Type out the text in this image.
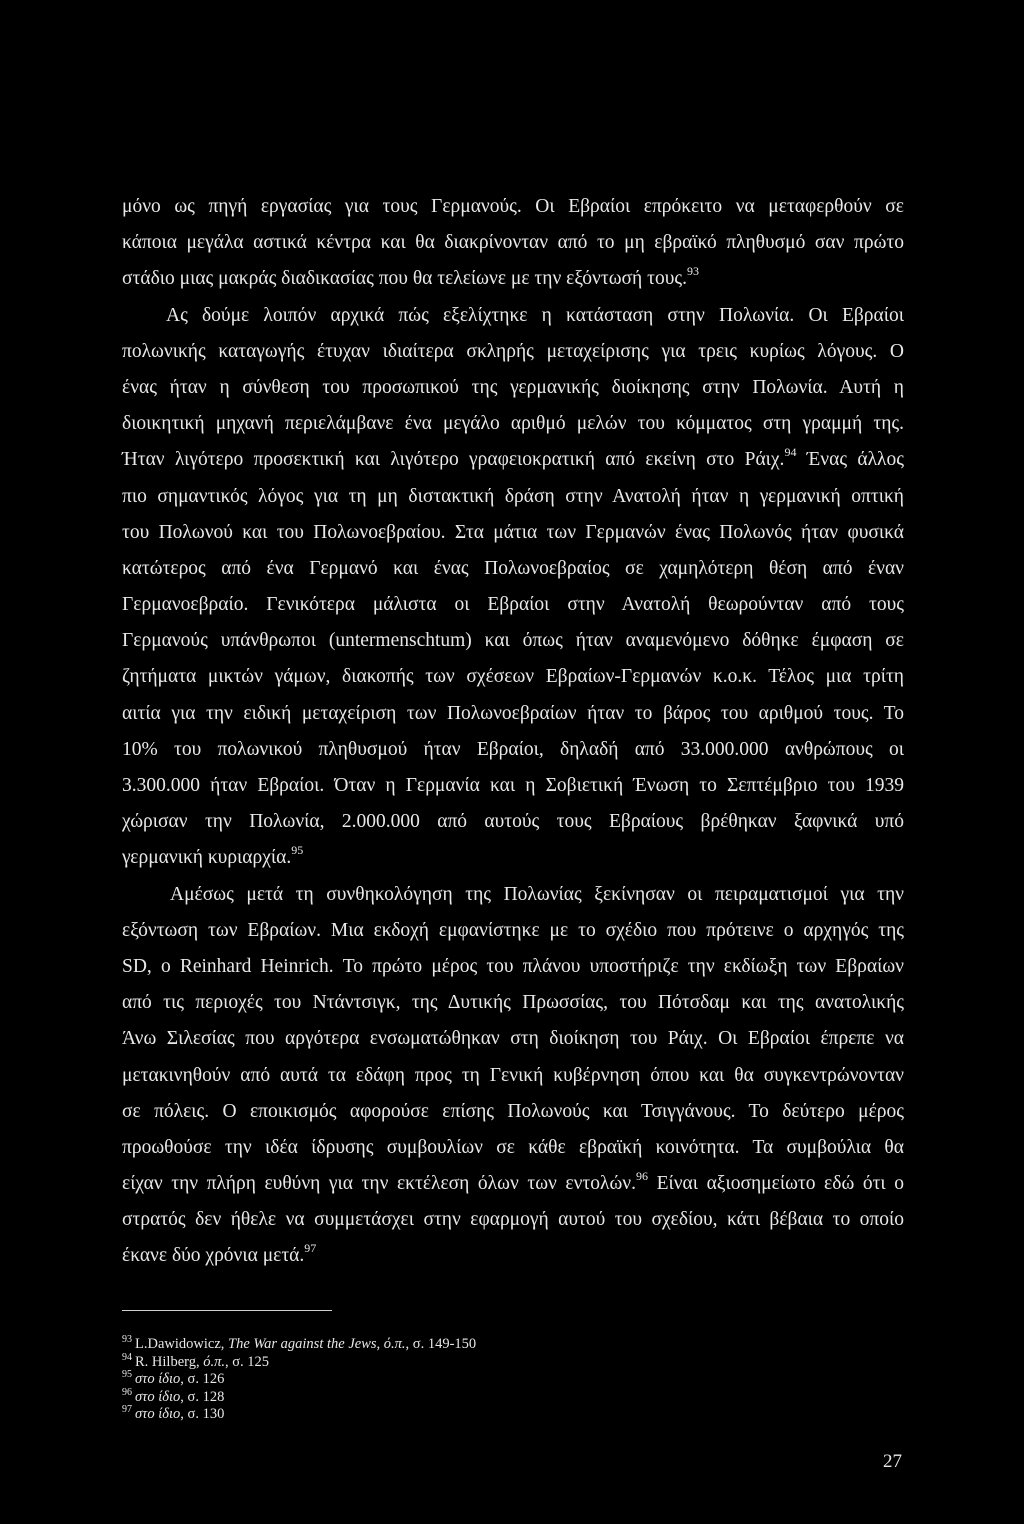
μόνο ως πηγή εργασίας για τους Γερμανούς. Οι Εβραίοι επρόκειτο να μεταφερθούν σε
κάποια μεγάλα αστικά κέντρα και θα διακρίνονταν από το μη εβραϊκό πληθυσμό σαν πρώτο
στάδιο μιας μακράς διαδικασίας που θα τελείωνε με την εξόντωσή τους.$^{93}$
Ας δούμε λοιπόν αρχικά πώς εξελίχτηκε η κατάσταση στην Πολωνία. Οι Εβραίοι
πολωνικής καταγωγής έτυχαν ιδιαίτερα σκληρής μεταχείρισης για τρεις κυρίως λόγους. Ο
ένας ήταν η σύνθεση του προσωπικού της γερμανικής διοίκησης στην Πολωνία. Αυτή η
διοικητική μηχανή περιελάμβανε ένα μεγάλο αριθμό μελών του κόμματος στη γραμμή της.
Ήταν λιγότερο προσεκτική και λιγότερο γραφειοκρατική από εκείνη στο Ράιχ.$^{94}$ Ένας άλλος
πιο σημαντικός λόγος για τη μη διστακτική δράση στην Ανατολή ήταν η γερμανική οπτική
του Πολωνού και του Πολωνοεβραίου. Στα μάτια των Γερμανών ένας Πολωνός ήταν φυσικά
κατώτερος από ένα Γερμανό και ένας Πολωνοεβραίος σε χαμηλότερη θέση από έναν
Γερμανοεβραίο. Γενικότερα μάλιστα οι Εβραίοι στην Ανατολή θεωρούνταν από τους
Γερμανούς υπάνθρωποι (untermenschtum) και όπως ήταν αναμενόμενο δόθηκε έμφαση σε
ζητήματα μικτών γάμων, διακοπής των σχέσεων Εβραίων-Γερμανών κ.ο.κ. Τέλος μια τρίτη
αιτία για την ειδική μεταχείριση των Πολωνοεβραίων ήταν το βάρος του αριθμού τους. Το
10% του πολωνικού πληθυσμού ήταν Εβραίοι, δηλαδή από 33.000.000 ανθρώπους οι
3.300.000 ήταν Εβραίοι. Όταν η Γερμανία και η Σοβιετική Ένωση το Σεπτέμβριο του 1939
χώρισαν την Πολωνία, 2.000.000 από αυτούς τους Εβραίους βρέθηκαν ξαφνικά υπό
γερμανική κυριαρχία.$^{95}$
Αμέσως μετά τη συνθηκολόγηση της Πολωνίας ξεκίνησαν οι πειραματισμοί για την
εξόντωση των Εβραίων. Μια εκδοχή εμφανίστηκε με το σχέδιο που πρότεινε ο αρχηγός της
SD, ο Reinhard Heinrich. Το πρώτο μέρος του πλάνου υποστήριζε την εκδίωξη των Εβραίων
από τις περιοχές του Ντάντσιγκ, της Δυτικής Πρωσσίας, του Πότσδαμ και της ανατολικής
Άνω Σιλεσίας που αργότερα ενσωματώθηκαν στη διοίκηση του Ράιχ. Οι Εβραίοι έπρεπε να
μετακινηθούν από αυτά τα εδάφη προς τη Γενική κυβέρνηση όπου και θα συγκεντρώνονταν
σε πόλεις. Ο εποικισμός αφορούσε επίσης Πολωνούς και Τσιγγάνους. Το δεύτερο μέρος
προωθούσε την ιδέα ίδρυσης συμβουλίων σε κάθε εβραϊκή κοινότητα. Τα συμβούλια θα
είχαν την πλήρη ευθύνη για την εκτέλεση όλων των εντολών.$^{96}$ Είναι αξιοσημείωτο εδώ ότι ο
στρατός δεν ήθελε να συμμετάσχει στην εφαρμογή αυτού του σχεδίου, κάτι βέβαια το οποίο
έκανε δύο χρόνια μετά.$^{97}$
$^{93}$ L.Dawidowicz, The War against the Jews, ό.π., σ. 149-150
$^{94}$ R. Hilberg, ό.π., σ. 125
$^{95}$ στο ίδιο, σ. 126
$^{96}$ στο ίδιο, σ. 128
$^{97}$ στο ίδιο, σ. 130
27
